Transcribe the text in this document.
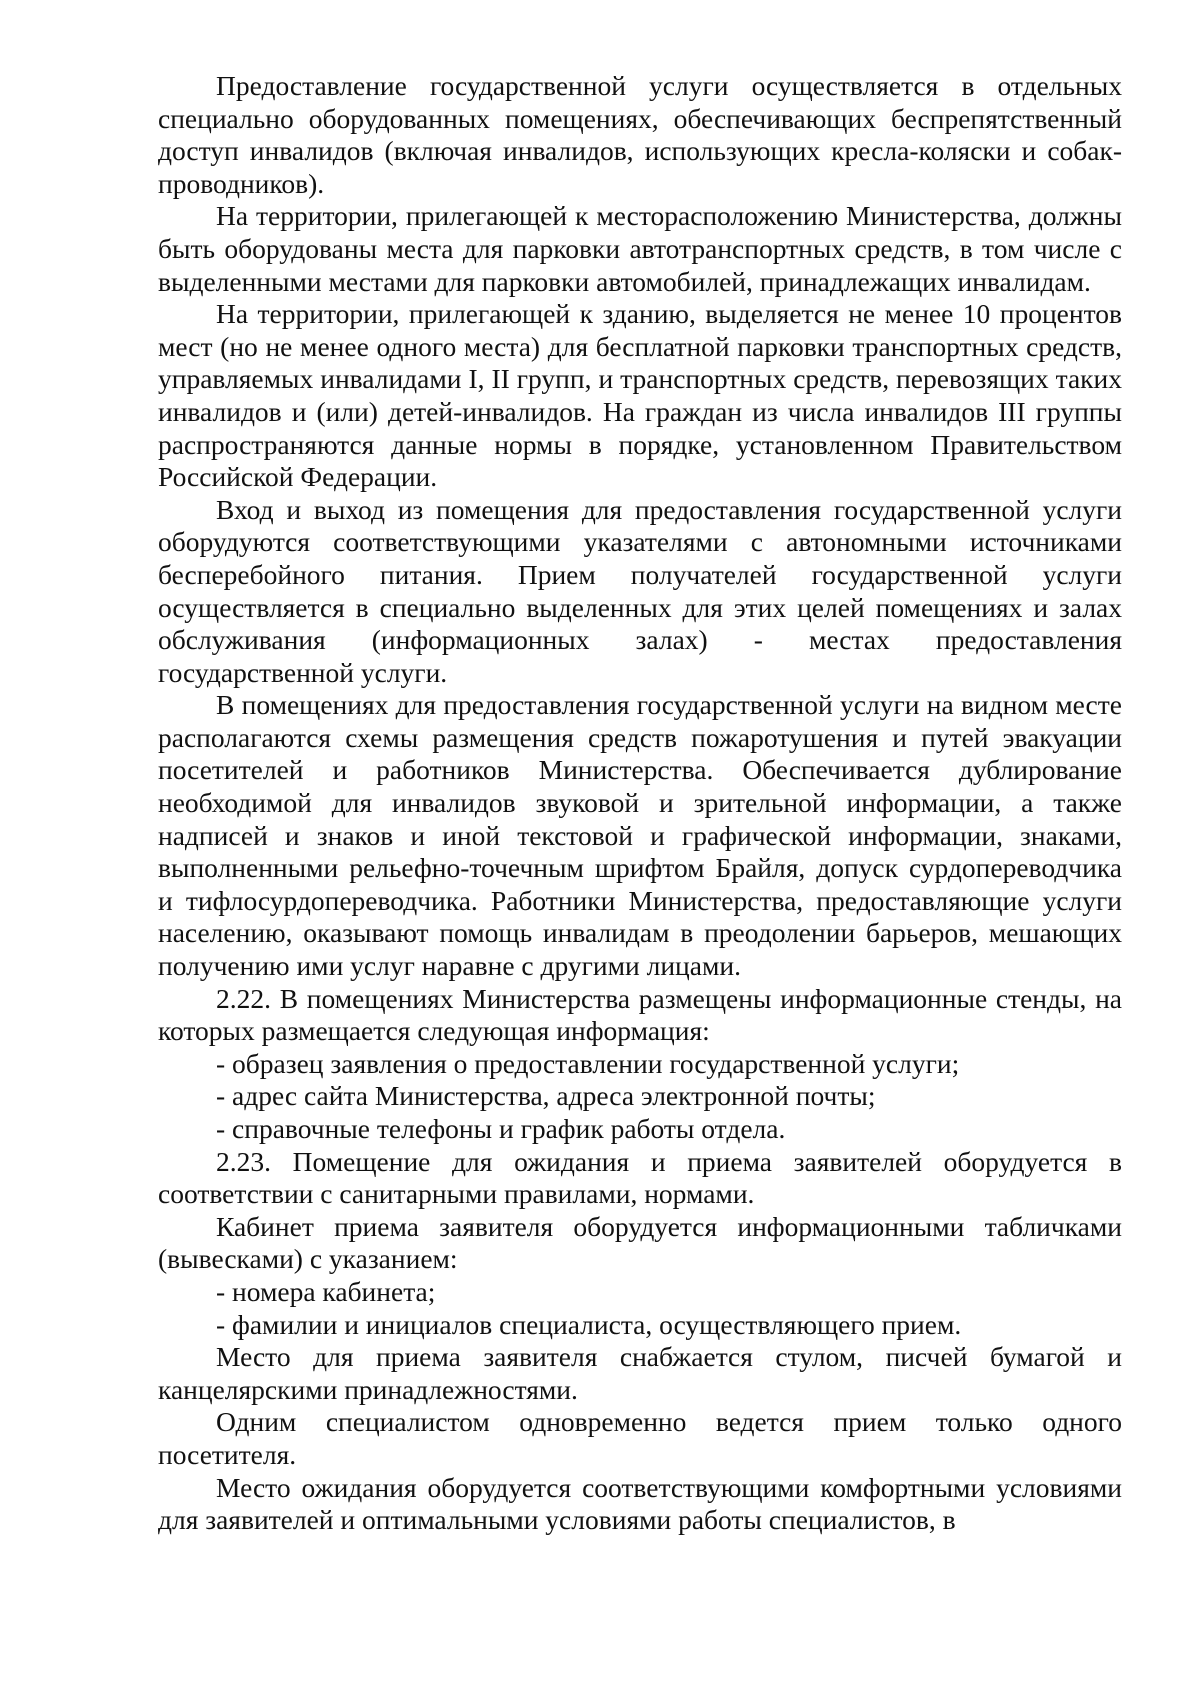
Предоставление государственной услуги осуществляется в отдельных специально оборудованных помещениях, обеспечивающих беспрепятственный доступ инвалидов (включая инвалидов, использующих кресла-коляски и собак-проводников).

На территории, прилегающей к месторасположению Министерства, должны быть оборудованы места для парковки автотранспортных средств, в том числе с выделенными местами для парковки автомобилей, принадлежащих инвалидам.

На территории, прилегающей к зданию, выделяется не менее 10 процентов мест (но не менее одного места) для бесплатной парковки транспортных средств, управляемых инвалидами I, II групп, и транспортных средств, перевозящих таких инвалидов и (или) детей-инвалидов. На граждан из числа инвалидов III группы распространяются данные нормы в порядке, установленном Правительством Российской Федерации.

Вход и выход из помещения для предоставления государственной услуги оборудуются соответствующими указателями с автономными источниками бесперебойного питания. Прием получателей государственной услуги осуществляется в специально выделенных для этих целей помещениях и залах обслуживания (информационных залах) - местах предоставления государственной услуги.

В помещениях для предоставления государственной услуги на видном месте располагаются схемы размещения средств пожаротушения и путей эвакуации посетителей и работников Министерства. Обеспечивается дублирование необходимой для инвалидов звуковой и зрительной информации, а также надписей и знаков и иной текстовой и графической информации, знаками, выполненными рельефно-точечным шрифтом Брайля, допуск сурдопереводчика и тифлосурдопереводчика. Работники Министерства, предоставляющие услуги населению, оказывают помощь инвалидам в преодолении барьеров, мешающих получению ими услуг наравне с другими лицами.

2.22. В помещениях Министерства размещены информационные стенды, на которых размещается следующая информация:

- образец заявления о предоставлении государственной услуги;

- адрес сайта Министерства, адреса электронной почты;

- справочные телефоны и график работы отдела.

2.23. Помещение для ожидания и приема заявителей оборудуется в соответствии с санитарными правилами, нормами.

Кабинет приема заявителя оборудуется информационными табличками (вывесками) с указанием:

- номера кабинета;

- фамилии и инициалов специалиста, осуществляющего прием.

Место для приема заявителя снабжается стулом, писчей бумагой и канцелярскими принадлежностями.

Одним специалистом одновременно ведется прием только одного посетителя.

Место ожидания оборудуется соответствующими комфортными условиями для заявителей и оптимальными условиями работы специалистов, в
